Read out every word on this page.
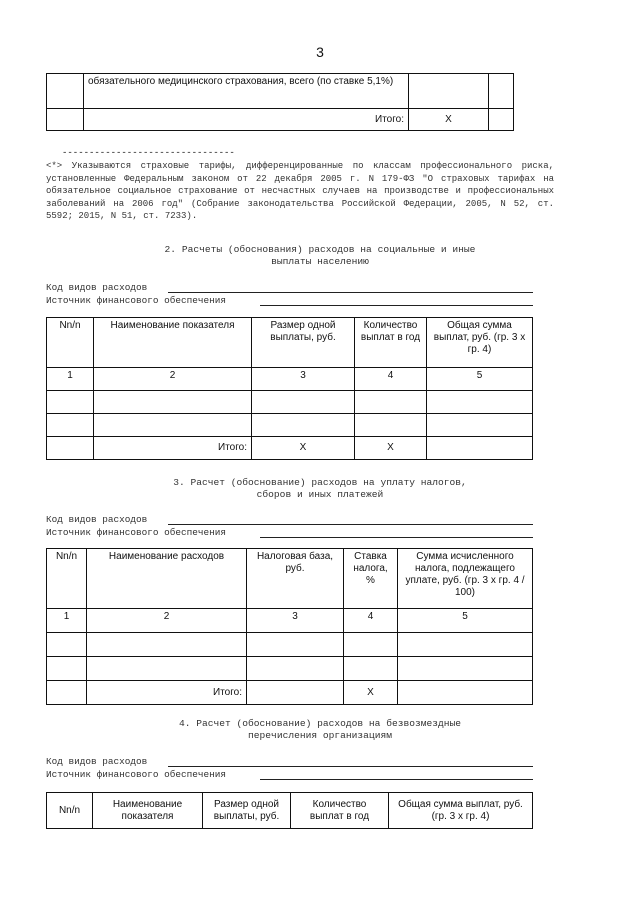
3
	обязательного медицинского страхования, всего (по ставке 5,1%)		
	Итого:	X	
--------------------------------
<*> Указываются страховые тарифы, дифференцированные по классам профессионального риска, установленные Федеральным законом от 22 декабря 2005 г. N 179-ФЗ "О страховых тарифах на обязательное социальное страхование от несчастных случаев на производстве и профессиональных заболеваний на 2006 год" (Собрание законодательства Российской Федерации, 2005, N 52, ст. 5592; 2015, N 51, ст. 7233).
2. Расчеты (обоснования) расходов на социальные и иные
выплаты населению
Код видов расходов
Источник финансового обеспечения
Nn/n	Наименование показателя	Размер одной выплаты, руб.	Количество выплат в год	Общая сумма выплат, руб. (гр. 3 x гр. 4)
1	2	3	4	5

	Итого:	X	X	
3. Расчет (обоснование) расходов на уплату налогов,
сборов и иных платежей
Код видов расходов
Источник финансового обеспечения
Nn/n	Наименование расходов	Налоговая база, руб.	Ставка налога, %	Сумма исчисленного налога, подлежащего уплате, руб. (гр. 3 x гр. 4 / 100)
1	2	3	4	5

	Итого:		X	
4. Расчет (обоснование) расходов на безвозмездные
перечисления организациям
Код видов расходов
Источник финансового обеспечения
Nn/n	Наименование показателя	Размер одной выплаты, руб.	Количество выплат в год	Общая сумма выплат, руб. (гр. 3 x гр. 4)
